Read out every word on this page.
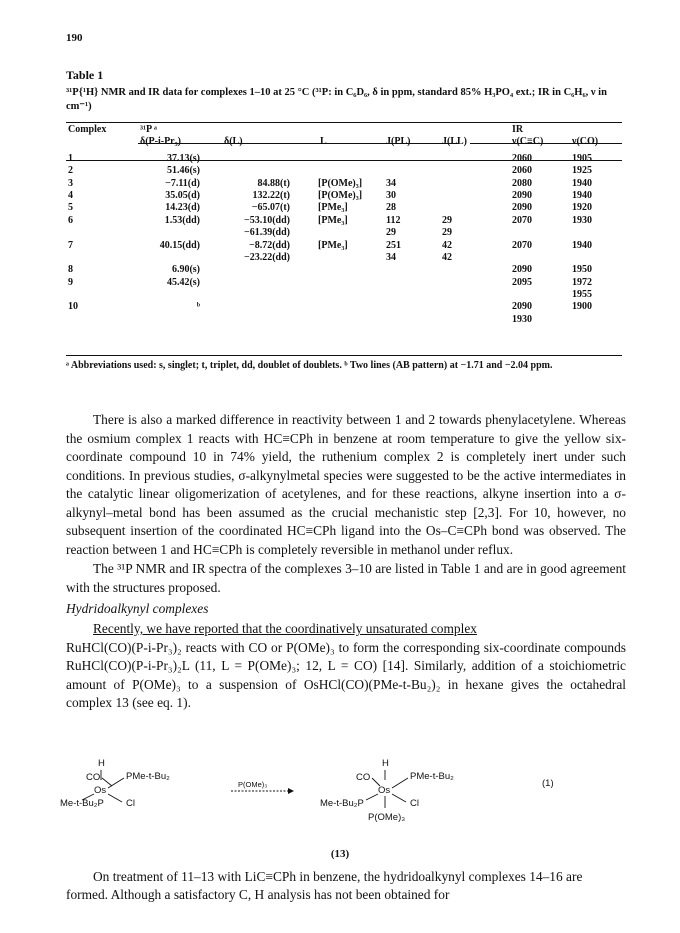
190
Table 1
³¹P{¹H} NMR and IR data for complexes 1–10 at 25 °C (³¹P: in C₆D₆, δ in ppm, standard 85% H₃PO₄ ext.; IR in C₆H₆, ν in cm⁻¹)
Complex	³¹P ᵃ					IR	
	δ(P-i-Pr₃)	δ(L)	L	J(PL)	J(LL)	ν(C≡C)	ν(CO)

1	37.13(s)					2060	1905
2	51.46(s)					2060	1925
3	−7.11(d)	84.88(t)	[P(OMe)₃]	34		2080	1940
4	35.05(d)	132.22(t)	[P(OMe)₃]	30		2090	1940
5	14.23(d)	−65.07(t)	[PMe₃]	28		2090	1920
6	1.53(dd)	−53.10(dd)	[PMe₃]	112	29	2070	1930
		−61.39(dd)		29	29		
7	40.15(dd)	−8.72(dd)	[PMe₃]	251	42	2070	1940
		−23.22(dd)		34	42		
8	6.90(s)					2090	1950
9	45.42(s)					2095	1972
							1955
10	ᵇ					2090	1900
						1930	
ᵃ Abbreviations used: s, singlet; t, triplet, dd, doublet of doublets. ᵇ Two lines (AB pattern) at −1.71 and −2.04 ppm.
There is also a marked difference in reactivity between 1 and 2 towards phenylacetylene. Whereas the osmium complex 1 reacts with HC≡CPh in benzene at room temperature to give the yellow six-coordinate compound 10 in 74% yield, the ruthenium complex 2 is completely inert under such conditions. In previous studies, σ-alkynylmetal species were suggested to be the active intermediates in the catalytic linear oligomerization of acetylenes, and for these reactions, alkyne insertion into a σ-alkynyl–metal bond has been assumed as the crucial mechanistic step [2,3]. For 10, however, no subsequent insertion of the coordinated HC≡CPh ligand into the Os–C≡CPh bond was observed. The reaction between 1 and HC≡CPh is completely reversible in methanol under reflux.
The ³¹P NMR and IR spectra of the complexes 3–10 are listed in Table 1 and are in good agreement with the structures proposed.
Hydridoalkynyl complexes
Recently, we have reported that the coordinatively unsaturated complex
RuHCl(CO)(P-i-Pr₃)₂ reacts with CO or P(OMe)₃ to form the corresponding six-coordinate compounds RuHCl(CO)(P-i-Pr₃)₂L (11, L = P(OMe)₃; 12, L = CO) [14]. Similarly, addition of a stoichiometric amount of P(OMe)₃ to a suspension of OsHCl(CO)(PMe-t-Bu₂)₂ in hexane gives the octahedral complex 13 (see eq. 1).
H
CO
Os
PMe-t-Bu₂
Me-t-Bu₂P Cl
P(OMe)₃
H
CO
Os
PMe-t-Bu₂
Me-t-Bu₂P	Cl
P(OMe)₃
(1)
(13)
On treatment of 11–13 with LiC≡CPh in benzene, the hydridoalkynyl complexes 14–16 are formed. Although a satisfactory C, H analysis has not been obtained for
